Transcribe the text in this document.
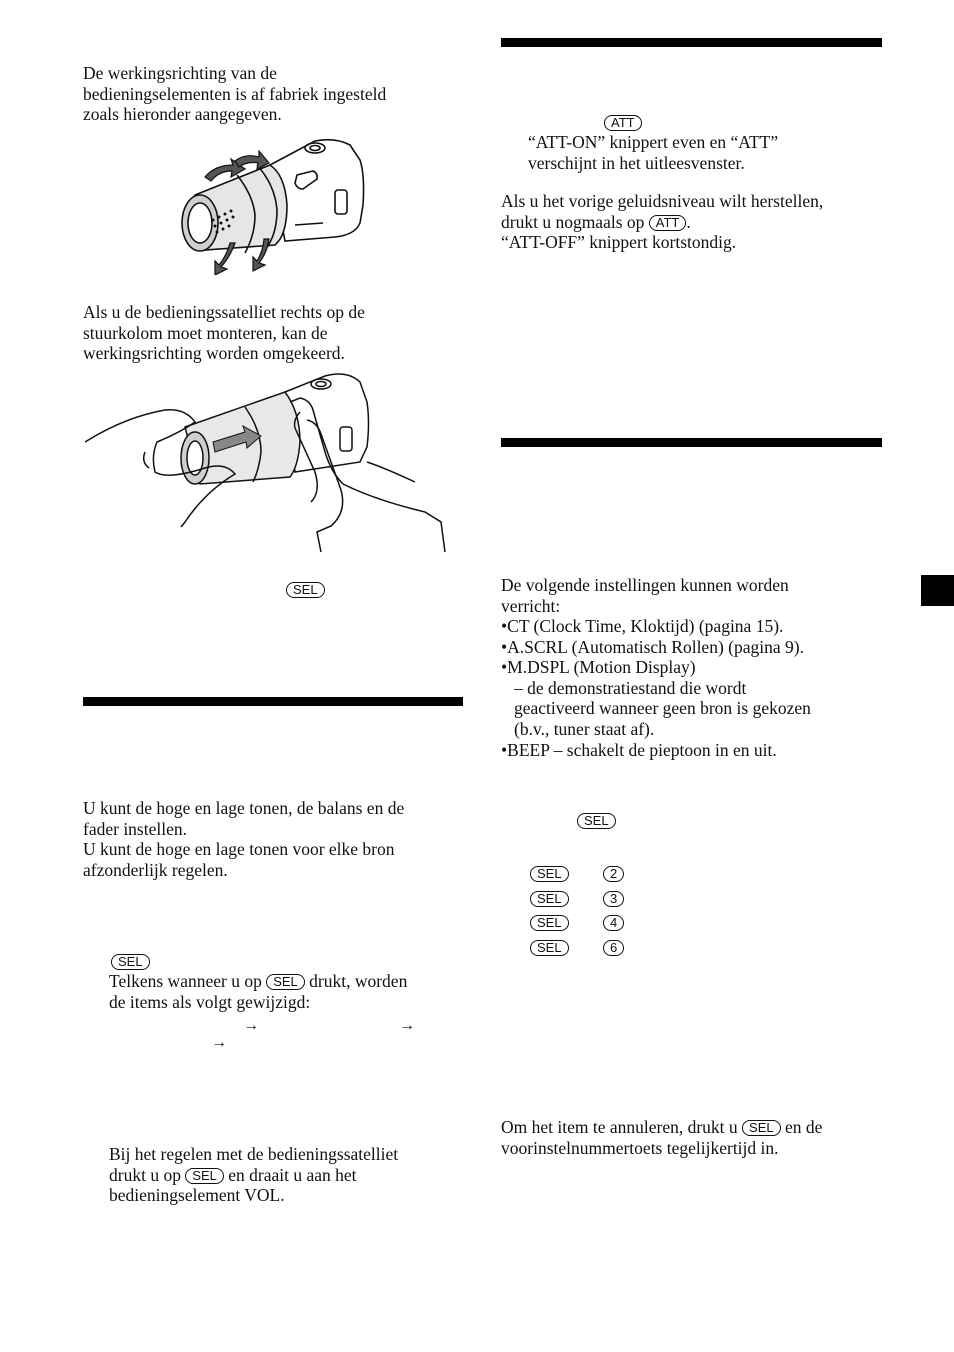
De werkingsrichting van de
bedieningselementen is af fabriek ingesteld
zoals hieronder aangegeven.

Als u de bedieningssatelliet rechts op de
stuurkolom moet monteren, kan de
werkingsrichting worden omgekeerd.

SEL

U kunt de hoge en lage tonen, de balans en de
fader instellen.
U kunt de hoge en lage tonen voor elke bron
afzonderlijk regelen.

SEL

Telkens wanneer u op SEL drukt, worden
de items als volgt gewijzigd:

→	→
→

Bij het regelen met de bedieningssatelliet
drukt u op SEL en draait u aan het
bedieningselement VOL.

ATT

“ATT-ON” knippert even en “ATT”
verschijnt in het uitleesvenster.

Als u het vorige geluidsniveau wilt herstellen,
drukt u nogmaals op ATT .
“ATT-OFF” knippert kortstondig.

De volgende instellingen kunnen worden
verricht:

•CT (Clock Time, Kloktijd) (pagina 15).
•A.SCRL (Automatisch Rollen) (pagina 9).
•M.DSPL (Motion Display)
– de demonstratiestand die wordt
geactiveerd wanneer geen bron is gekozen
(b.v., tuner staat af).
•BEEP – schakelt de pieptoon in en uit.
SEL
SEL	2
SEL	3
SEL	4
SEL	6

Om het item te annuleren, drukt u SEL en de
voorinstelnummertoets tegelijkertijd in.
